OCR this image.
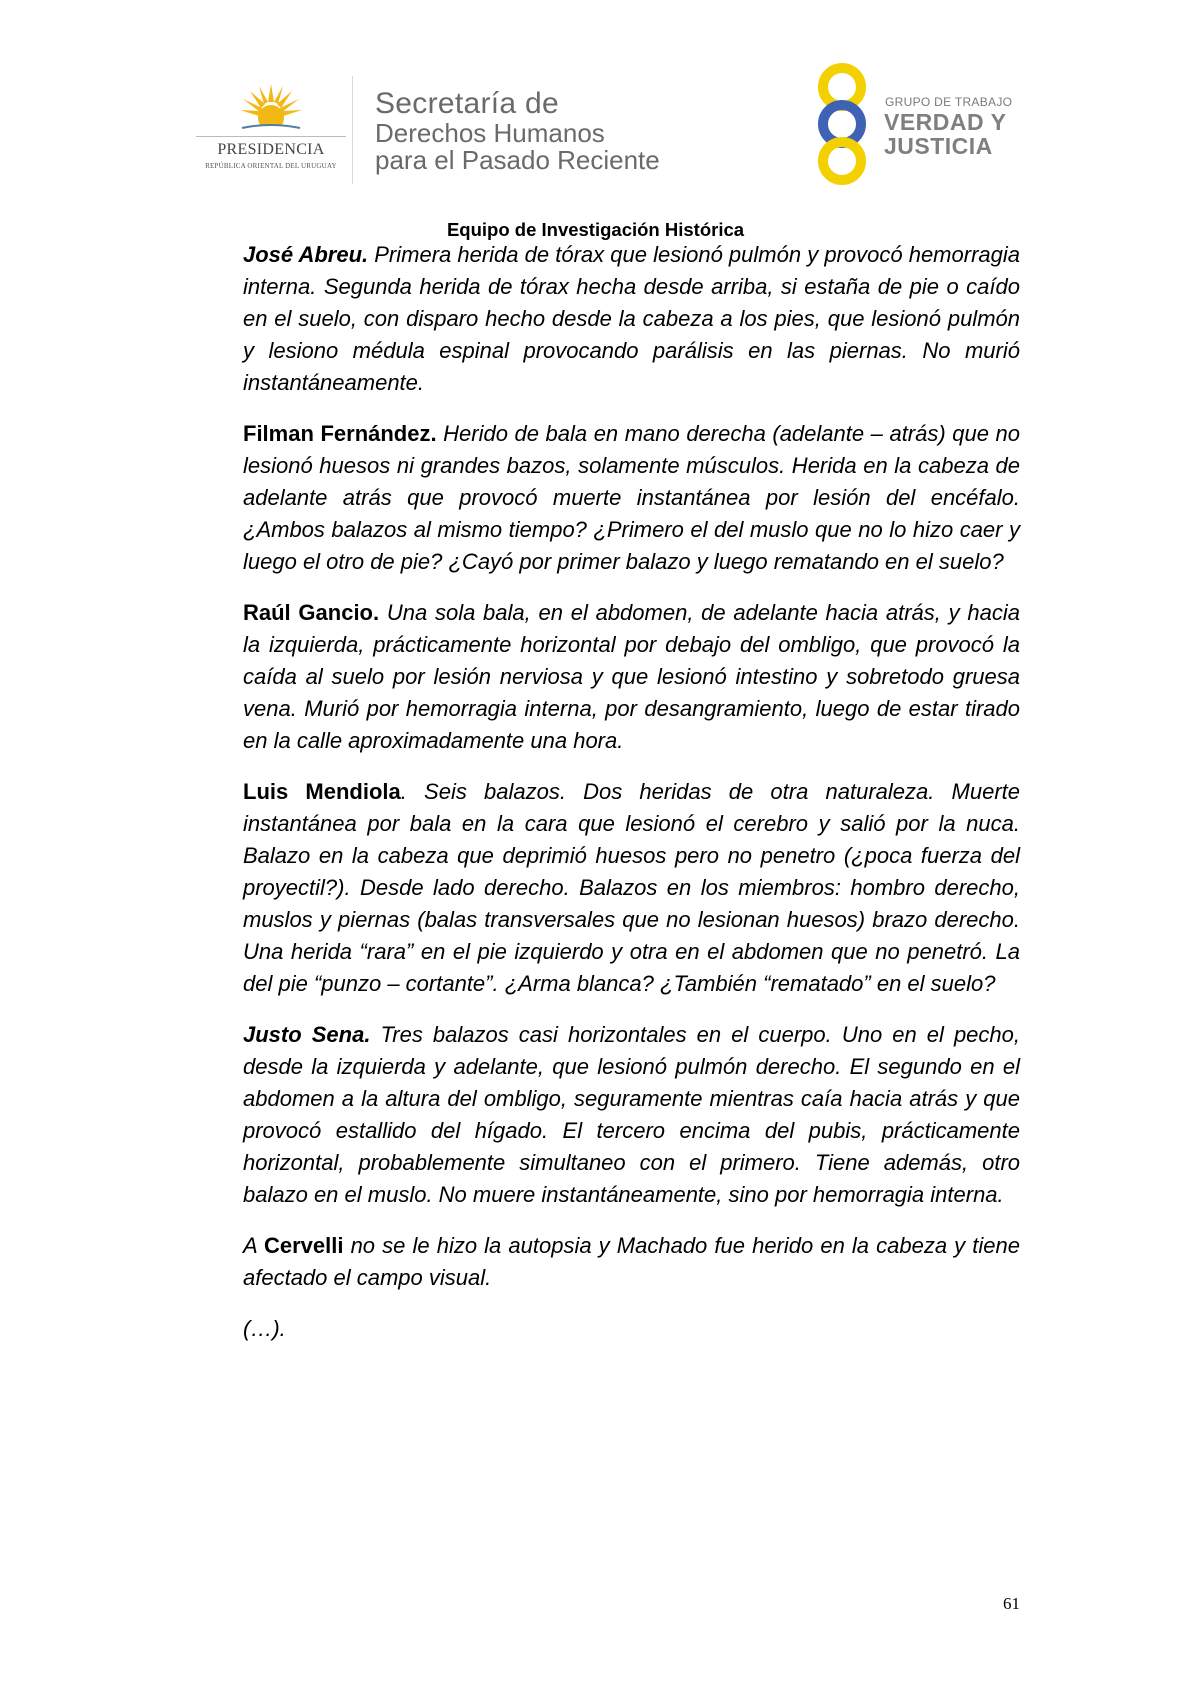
PRESIDENCIA
REPÚBLICA ORIENTAL DEL URUGUAY
Secretaría de
Derechos Humanos
para el Pasado Reciente
GRUPO DE TRABAJO
VERDAD Y
JUSTICIA
Equipo de Investigación Histórica

José Abreu. Primera herida de tórax que lesionó pulmón y provocó hemorragia interna. Segunda herida de tórax hecha desde arriba, si estaña de pie o caído en el suelo, con disparo hecho desde la cabeza a los pies, que lesionó pulmón y lesiono médula espinal provocando parálisis en las piernas. No murió instantáneamente.

Filman Fernández. Herido de bala en mano derecha (adelante – atrás) que no lesionó huesos ni grandes bazos, solamente músculos. Herida en la cabeza de adelante atrás que provocó muerte instantánea por lesión del encéfalo. ¿Ambos balazos al mismo tiempo? ¿Primero el del muslo que no lo hizo caer y luego el otro de pie? ¿Cayó por primer balazo y luego rematando en el suelo?

Raúl Gancio. Una sola bala, en el abdomen, de adelante hacia atrás, y hacia la izquierda, prácticamente horizontal por debajo del ombligo, que provocó la caída al suelo por lesión nerviosa y que lesionó intestino y sobretodo gruesa vena. Murió por hemorragia interna, por desangramiento, luego de estar tirado en la calle aproximadamente una hora.

Luis Mendiola. Seis balazos. Dos heridas de otra naturaleza. Muerte instantánea por bala en la cara que lesionó el cerebro y salió por la nuca. Balazo en la cabeza que deprimió huesos pero no penetro (¿poca fuerza del proyectil?). Desde lado derecho. Balazos en los miembros: hombro derecho, muslos y piernas (balas transversales que no lesionan huesos) brazo derecho. Una herida “rara” en el pie izquierdo y otra en el abdomen que no penetró. La del pie “punzo – cortante”. ¿Arma blanca? ¿También “rematado” en el suelo?

Justo Sena. Tres balazos casi horizontales en el cuerpo. Uno en el pecho, desde la izquierda y adelante, que lesionó pulmón derecho. El segundo en el abdomen a la altura del ombligo, seguramente mientras caía hacia atrás y que provocó estallido del hígado. El tercero encima del pubis, prácticamente horizontal, probablemente simultaneo con el primero. Tiene además, otro balazo en el muslo. No muere instantáneamente, sino por hemorragia interna.

A Cervelli no se le hizo la autopsia y Machado fue herido en la cabeza y tiene afectado el campo visual.

(…).

61
